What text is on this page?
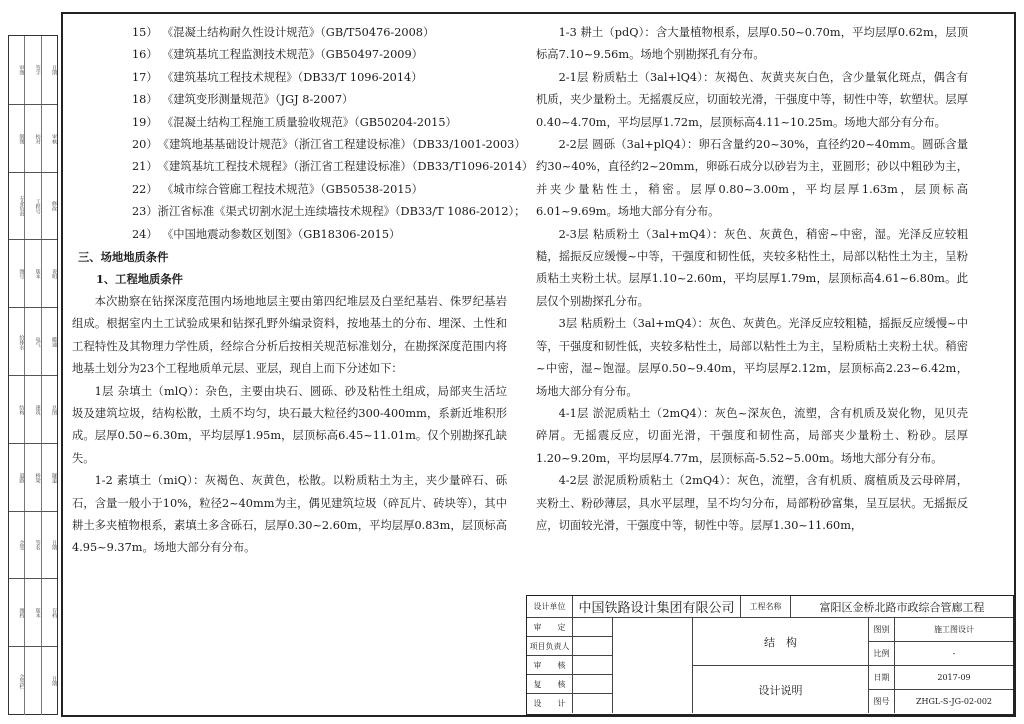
审图	签字	日期
制图	校对	审核
专业负责	工程号	修改
图号	版本	说明
给排水	电气	暖通
结构	建筑	总图
道路	桥梁	隧道
会签	签名	日期
图档	版本	存档
会签栏	日期
15） 《混凝土结构耐久性设计规范》（GB/T50476-2008）
16） 《建筑基坑工程监测技术规范》（GB50497-2009）
17） 《建筑基坑工程技术规程》（DB33/T 1096-2014）
18） 《建筑变形测量规范》（JGJ 8-2007）
19） 《混凝土结构工程施工质量验收规范》（GB50204-2015）
20） 《建筑地基基础设计规范》（浙江省工程建设标准）（DB33/1001-2003）
21） 《建筑基坑工程技术规程》（浙江省工程建设标准）（DB33/T1096-2014）
22） 《城市综合管廊工程技术规范》（GB50538-2015）
23） 浙江省标准《渠式切割水泥土连续墙技术规程》（DB33/T 1086-2012）；
24） 《中国地震动参数区划图》（GB18306-2015）

三、场地地质条件

1、工程地质条件

本次勘察在钻探深度范围内场地地层主要由第四纪堆层及白垩纪基岩、侏罗纪基岩组成。根据室内土工试验成果和钻探孔野外编录资料，按地基土的分布、埋深、土性和工程特性及其物理力学性质，经综合分析后按相关规范标准划分，在勘探深度范围内将地基土划分为23个工程地质单元层、亚层，现自上而下分述如下：

1层 杂填土（mlQ）：杂色，主要由块石、圆砾、砂及粘性土组成，局部夹生活垃圾及建筑垃圾，结构松散，土质不均匀，块石最大粒径约300-400mm，系新近堆积形成。层厚0.50~6.30m，平均层厚1.95m，层顶标高6.45~11.01m。仅个别勘探孔缺失。

1-2 素填土（miQ）：灰褐色、灰黄色，松散。以粉质粘土为主，夹少量碎石、砾石，含量一般小于10%，粒径2~40mm为主，偶见建筑垃圾（碎瓦片、砖块等），其中耕土多夹植物根系，素填土多含砾石，层厚0.30~2.60m，平均层厚0.83m，层顶标高4.95~9.37m。场地大部分有分布。

1-3 耕土（pdQ）：含大量植物根系，层厚0.50~0.70m，平均层厚0.62m，层顶标高7.10~9.56m。场地个别勘探孔有分布。

2-1层 粉质粘土（3al+lQ4）：灰褐色、灰黄夹灰白色，含少量氧化斑点，偶含有机质，夹少量粉土。无摇震反应，切面较光滑，干强度中等，韧性中等，软塑状。层厚0.40~4.70m，平均层厚1.72m，层顶标高4.11~10.25m。场地大部分有分布。

2-2层 圆砾（3al+plQ4）：卵石含量约20~30%，直径约20~40mm。圆砾含量约30~40%，直径约2~20mm，卵砾石成分以砂岩为主，亚圆形；砂以中粗砂为主，并夹少量粘性土，稍密。层厚0.80~3.00m，平均层厚1.63m，层顶标高6.01~9.69m。场地大部分有分布。

2-3层 粘质粉土（3al+mQ4）：灰色、灰黄色，稍密~中密，湿。光泽反应较粗糙，摇振反应缓慢~中等，干强度和韧性低，夹较多粘性土，局部以粘性土为主，呈粉质粘土夹粉土状。层厚1.10~2.60m，平均层厚1.79m，层顶标高4.61~6.80m。此层仅个别勘探孔分布。

3层 粘质粉土（3al+mQ4）：灰色、灰黄色。光泽反应较粗糙，摇振反应缓慢~中等，干强度和韧性低，夹较多粘性土，局部以粘性土为主，呈粉质粘土夹粉土状。稍密~中密，湿~饱湿。层厚0.50~9.40m，平均层厚2.12m，层顶标高2.23~6.42m，场地大部分有分布。

4-1层 淤泥质粘土（2mQ4）：灰色~深灰色，流塑，含有机质及炭化物，见贝壳碎屑。无摇震反应，切面光滑，干强度和韧性高，局部夹少量粉土、粉砂。层厚1.20~9.20m，平均层厚4.77m，层顶标高-5.52~5.00m。场地大部分有分布。

4-2层 淤泥质粉质粘土（2mQ4）：灰色，流塑，含有机质、腐植质及云母碎屑，夹粉土、粉砂薄层，具水平层理，呈不均匀分布，局部粉砂富集，呈互层状。无摇振反应，切面较光滑，干强度中等，韧性中等。层厚1.30~11.60m，

设计单位 中国铁路设计集团有限公司	工程名称	富阳区金桥北路市政综合管廊工程
审　　定
项目负责人
审　　核
复　　核
设　　计
结　构
设计说明
图别	施工图设计
比例	-
日期	2017-09
图号	ZHGL-S-JG-02-002
